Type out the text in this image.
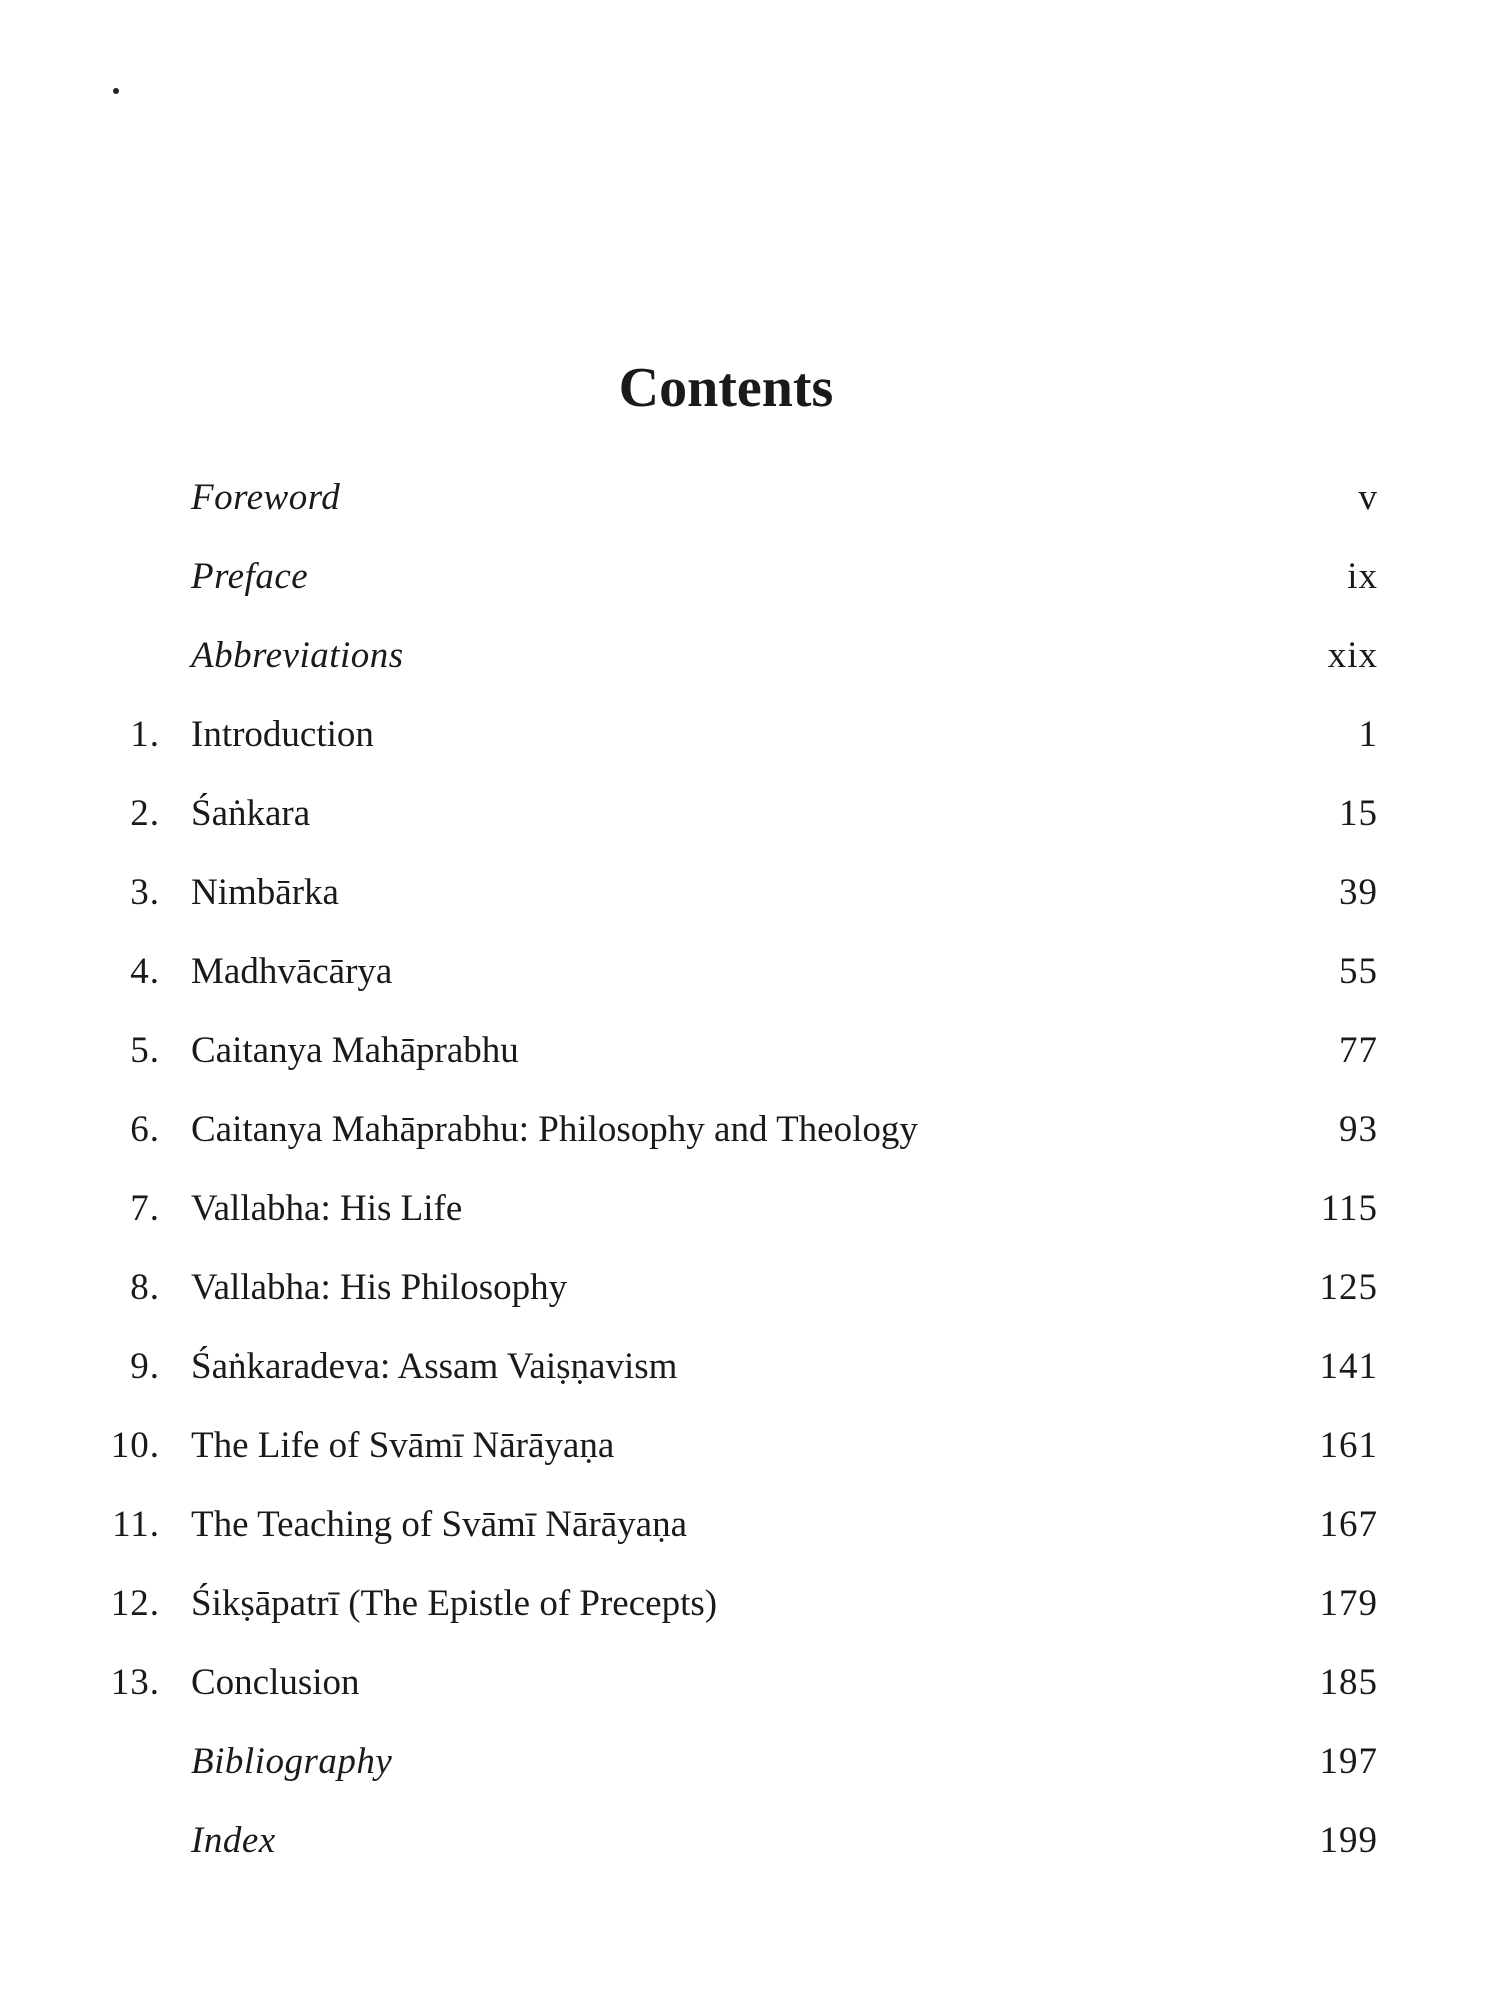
Contents
Foreword	v
Preface	ix
Abbreviations	xix
1. Introduction	1
2. Śaṅkara	15
3. Nimbārka	39
4. Madhvācārya	55
5. Caitanya Mahāprabhu	77
6. Caitanya Mahāprabhu: Philosophy and Theology	93
7. Vallabha: His Life	115
8. Vallabha: His Philosophy	125
9. Śaṅkaradeva: Assam Vaiṣṇavism	141
10. The Life of Svāmī Nārāyaṇa	161
11. The Teaching of Svāmī Nārāyaṇa	167
12. Śikṣāpatrī (The Epistle of Precepts)	179
13. Conclusion	185
Bibliography	197
Index	199
